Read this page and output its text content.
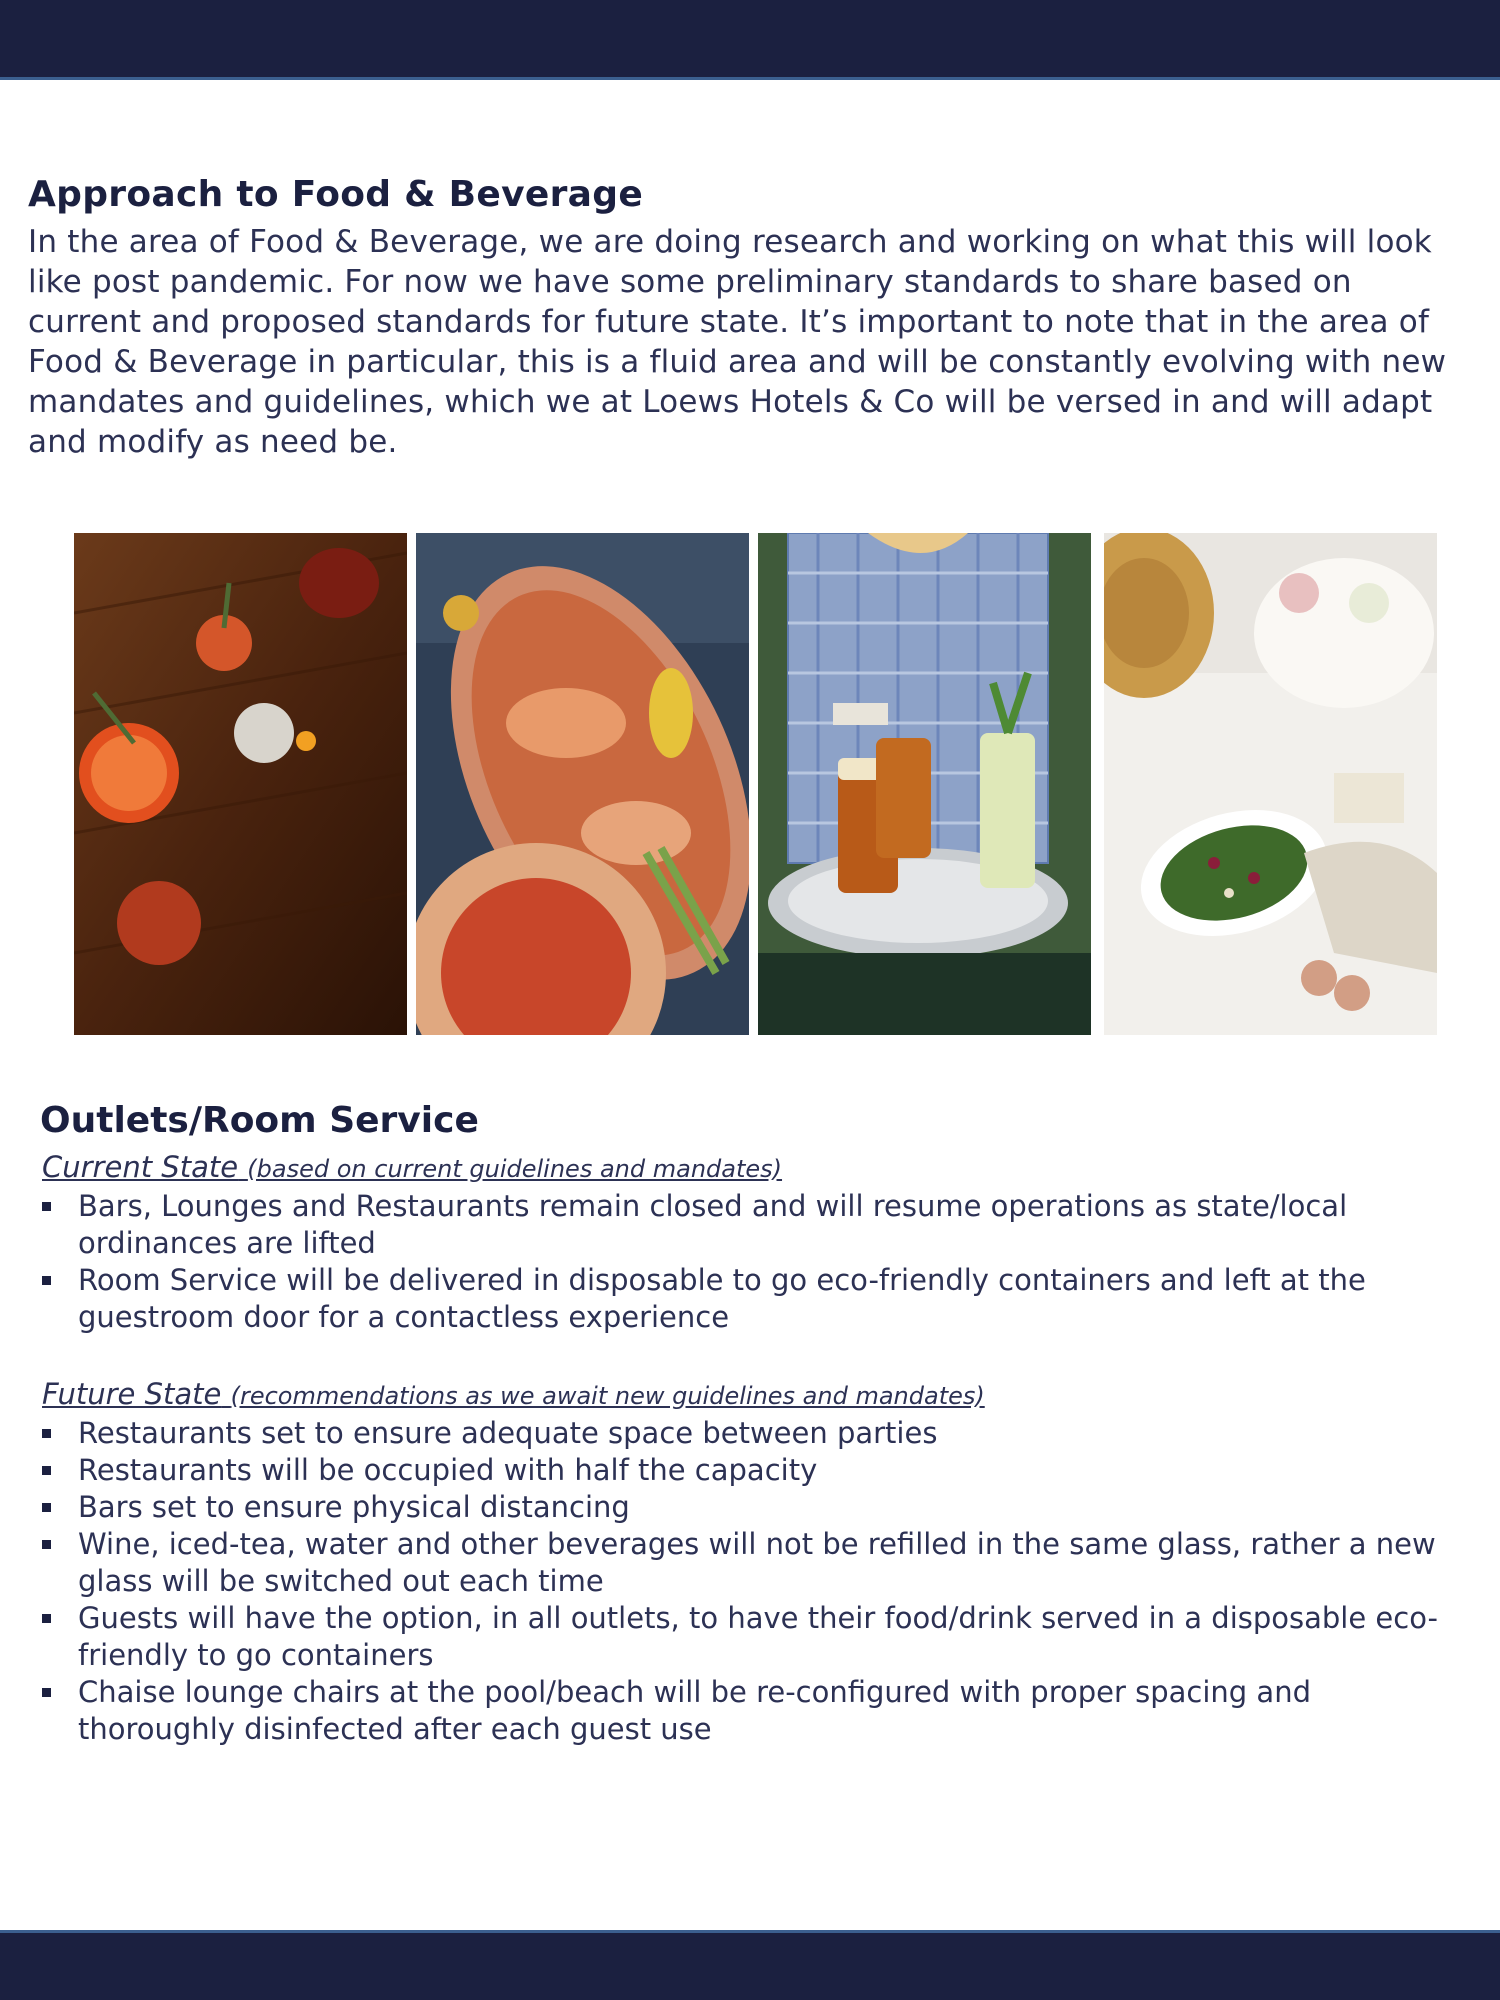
Approach to Food & Beverage
In the area of Food & Beverage, we are doing research and working on what this will look like post pandemic. For now we have some preliminary standards to share based on current and proposed standards for future state. It’s important to note that in the area of Food & Beverage in particular, this is a fluid area and will be constantly evolving with new mandates and guidelines, which we at Loews Hotels & Co will be versed in and will adapt and modify as need be.
Outlets/Room Service
Current State (based on current guidelines and mandates)
Bars, Lounges and Restaurants remain closed and will resume operations as state/local ordinances are lifted
Room Service will be delivered in disposable to go eco-friendly containers and left at the guestroom door for a contactless experience
Future State (recommendations as we await new guidelines and mandates)
Restaurants set to ensure adequate space between parties
Restaurants will be occupied with half the capacity
Bars set to ensure physical distancing
Wine, iced-tea, water and other beverages will not be refilled in the same glass, rather a new glass will be switched out each time
Guests will have the option, in all outlets, to have their food/drink served in a disposable eco-friendly to go containers
Chaise lounge chairs at the pool/beach will be re-configured with proper spacing and thoroughly disinfected after each guest use
